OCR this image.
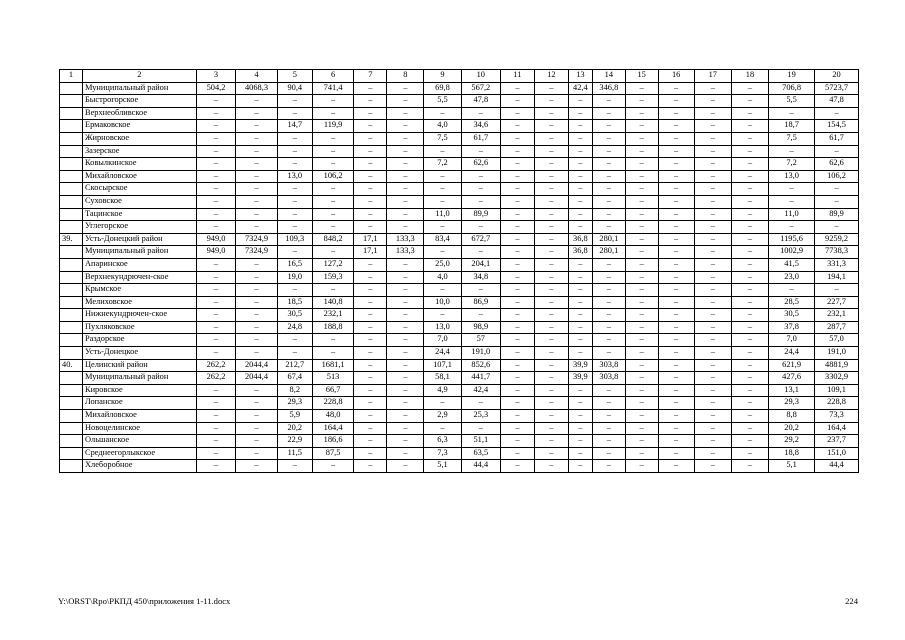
1	2	3	4	5	6	7	8	9	10	11	12	13	14	15	16	17	18	19	20
	Муниципальный район	504,2	4068,3	90,4	741,4	–	–	69,8	567,2	–	–	42,4	346,8	–	–	–	–	706,8	5723,7
	Быстрогорское	–	–	–	–	–	–	5,5	47,8	–	–	–	–	–	–	–	–	5,5	47,8
	Верхнеобливское	–	–	–	–	–	–	–	–	–	–	–	–	–	–	–	–	–	–
	Ермаковское	–	–	14,7	119,9	–	–	4,0	34,6	–	–	–	–	–	–	–	–	18,7	154,5
	Жирновское	–	–	–	–	–	–	7,5	61,7	–	–	–	–	–	–	–	–	7,5	61,7
	Зазерское	–	–	–	–	–	–	–	–	–	–	–	–	–	–	–	–	–	–
	Ковылкинское	–	–	–	–	–	–	7,2	62,6	–	–	–	–	–	–	–	–	7,2	62,6
	Михайловское	–	–	13,0	106,2	–	–	–	–	–	–	–	–	–	–	–	–	13,0	106,2
	Скосырское	–	–	–	–	–	–	–	–	–	–	–	–	–	–	–	–	–	–
	Суховское	–	–	–	–	–	–	–	–	–	–	–	–	–	–	–	–	–	–
	Тацинское	–	–	–	–	–	–	11,0	89,9	–	–	–	–	–	–	–	–	11,0	89,9
	Углегорское	–	–	–	–	–	–	–	–	–	–	–	–	–	–	–	–	–	–
39.	Усть-Донецкий район	949,0	7324,9	109,3	848,2	17,1	133,3	83,4	672,7	–	–	36,8	280,1	–	–	–	–	1195,6	9259,2
	Муниципальный район	949,0	7324,9	–	–	17,1	133,3	–	–	–	–	36,8	280,1	–	–	–	–	1002,9	7738,3
	Апаринское	–	–	16,5	127,2	–	–	25,0	204,1	–	–	–	–	–	–	–	–	41,5	331,3
	Верхнекундрючен-ское	–	–	19,0	159,3	–	–	4,0	34,8	–	–	–	–	–	–	–	–	23,0	194,1
	Крымское	–	–	–	–	–	–	–	–	–	–	–	–	–	–	–	–	–	–
	Мелиховское	–	–	18,5	140,8	–	–	10,0	86,9	–	–	–	–	–	–	–	–	28,5	227,7
	Нижнекундрючен-ское	–	–	30,5	232,1	–	–	–	–	–	–	–	–	–	–	–	–	30,5	232,1
	Пухляковское	–	–	24,8	188,8	–	–	13,0	98,9	–	–	–	–	–	–	–	–	37,8	287,7
	Раздорское	–	–	–	–	–	–	7,0	57	–	–	–	–	–	–	–	–	7,0	57,0
	Усть-Донецкое	–	–	–	–	–	–	24,4	191,0	–	–	–	–	–	–	–	–	24,4	191,0
40.	Целинский район	262,2	2044,4	212,7	1681,1	–	–	107,1	852,6	–	–	39,9	303,8	–	–	–	–	621,9	4881,9
	Муниципальный район	262,2	2044,4	67,4	513	–	–	58,1	441,7	–	–	39,9	303,8	–	–	–	–	427,6	3302,9
	Кировское	–	–	8,2	66,7	–	–	4,9	42,4	–	–	–	–	–	–	–	–	13,1	109,1
	Лопанское	–	–	29,3	228,8	–	–	–	–	–	–	–	–	–	–	–	–	29,3	228,8
	Михайловское	–	–	5,9	48,0	–	–	2,9	25,3	–	–	–	–	–	–	–	–	8,8	73,3
	Новоцелинское	–	–	20,2	164,4	–	–	–	–	–	–	–	–	–	–	–	–	20,2	164,4
	Ольшанское	–	–	22,9	186,6	–	–	6,3	51,1	–	–	–	–	–	–	–	–	29,2	237,7
	Среднеегорлыкское	–	–	11,5	87,5	–	–	7,3	63,5	–	–	–	–	–	–	–	–	18,8	151,0
	Хлеборобное	–	–	–	–	–	–	5,1	44,4	–	–	–	–	–	–	–	–	5,1	44,4
Y:\ORST\Rpo\РКПД 450\приложения 1-11.docx	224
